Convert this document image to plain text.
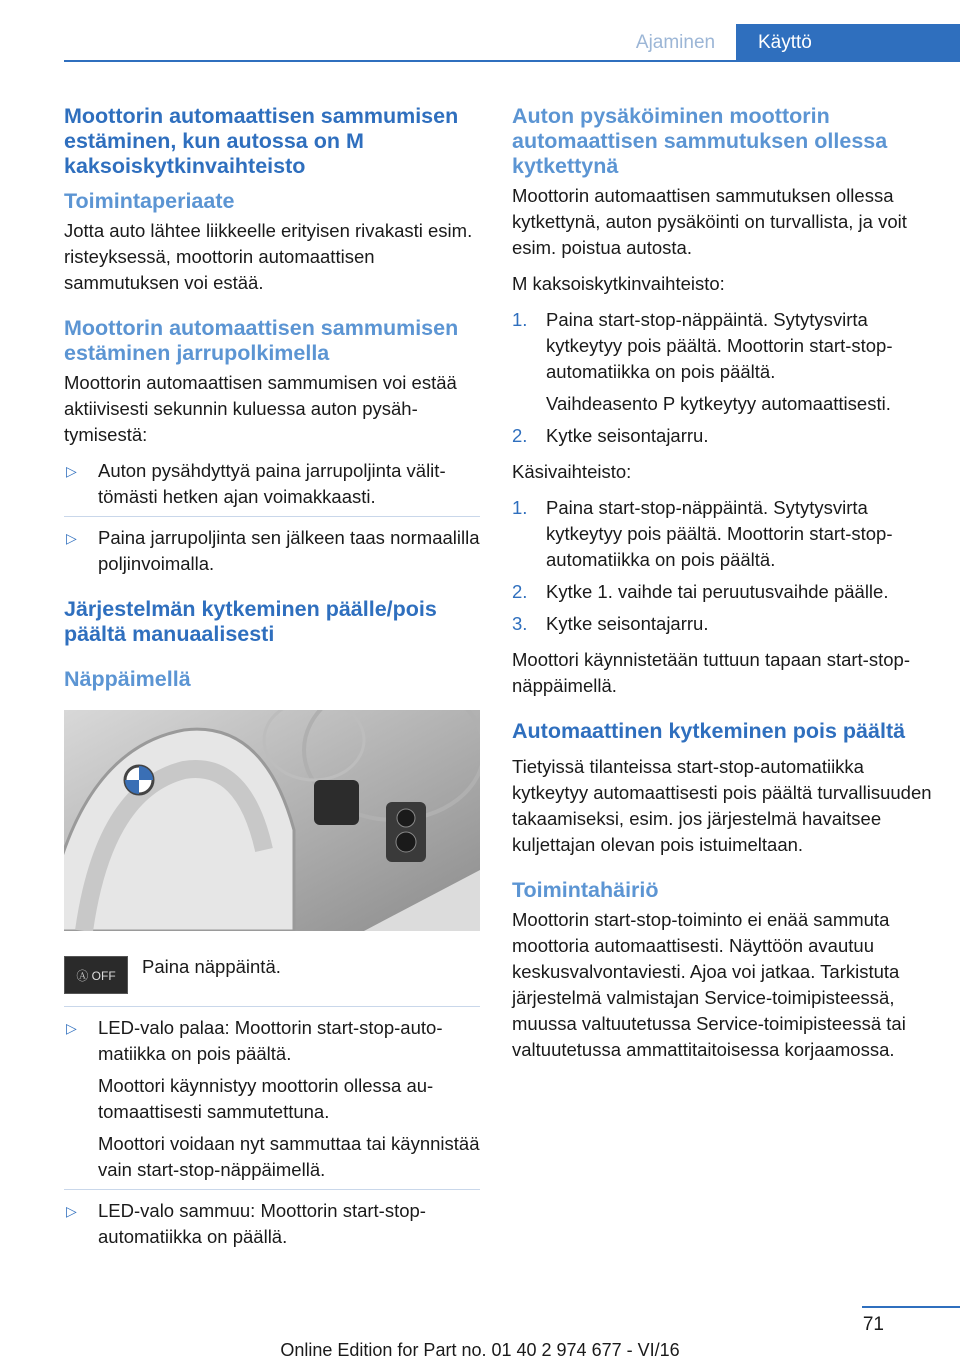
Ajaminen	Käyttö
Moottorin automaattisen sammumisen estäminen, kun autossa on M kaksoiskytkinvaihteisto
Toimintaperiaate
Jotta auto lähtee liikkeelle erityisen rivakasti esim. risteyksessä, moottorin automaattisen sammutuksen voi estää.
Moottorin automaattisen sammumisen estäminen jarrupolkimella
Moottorin automaattisen sammumisen voi estää aktiivisesti sekunnin kuluessa auton pysähtymisestä:
▷ Auton pysähdyttyä paina jarrupoljinta välittömästi hetken ajan voimakkaasti.
▷ Paina jarrupoljinta sen jälkeen taas normaalilla poljinvoimalla.
Järjestelmän kytkeminen päälle/pois päältä manuaalisesti
Näppäimellä
Ⓐ OFF	Paina näppäintä.
▷ LED-valo palaa: Moottorin start-stop-automatiikka on pois päältä.
Moottori käynnistyy moottorin ollessa automaattisesti sammutettuna.
Moottori voidaan nyt sammuttaa tai käynnistää vain start-stop-näppäimellä.
▷ LED-valo sammuu: Moottorin start-stop-automatiikka on päällä.
Auton pysäköiminen moottorin automaattisen sammutuksen ollessa kytkettynä
Moottorin automaattisen sammutuksen ollessa kytkettynä, auton pysäköinti on turvallista, ja voit esim. poistua autosta.
M kaksoiskytkinvaihteisto:
1. Paina start-stop-näppäintä. Sytytysvirta kytkeytyy pois päältä. Moottorin start-stop-automatiikka on pois päältä.
Vaihdeasento P kytkeytyy automaattisesti.
2. Kytke seisontajarru.
Käsivaihteisto:
1. Paina start-stop-näppäintä. Sytytysvirta kytkeytyy pois päältä. Moottorin start-stop-automatiikka on pois päältä.
2. Kytke 1. vaihde tai peruutusvaihde päälle.
3. Kytke seisontajarru.
Moottori käynnistetään tuttuun tapaan start-stop-näppäimellä.
Automaattinen kytkeminen pois päältä
Tietyissä tilanteissa start-stop-automatiikka kytkeytyy automaattisesti pois päältä turvallisuuden takaamiseksi, esim. jos järjestelmä havaitsee kuljettajan olevan pois istuimeltaan.
Toimintahäiriö
Moottorin start-stop-toiminto ei enää sammuta moottoria automaattisesti. Näyttöön avautuu keskusvalvontaviesti. Ajoa voi jatkaa. Tarkistuta järjestelmä valmistajan Service-toimipisteessä, muussa valtuutetussa Service-toimipisteessä tai valtuutetussa ammattitaitoisessa korjaamossa.
71
Online Edition for Part no. 01 40 2 974 677 - VI/16
